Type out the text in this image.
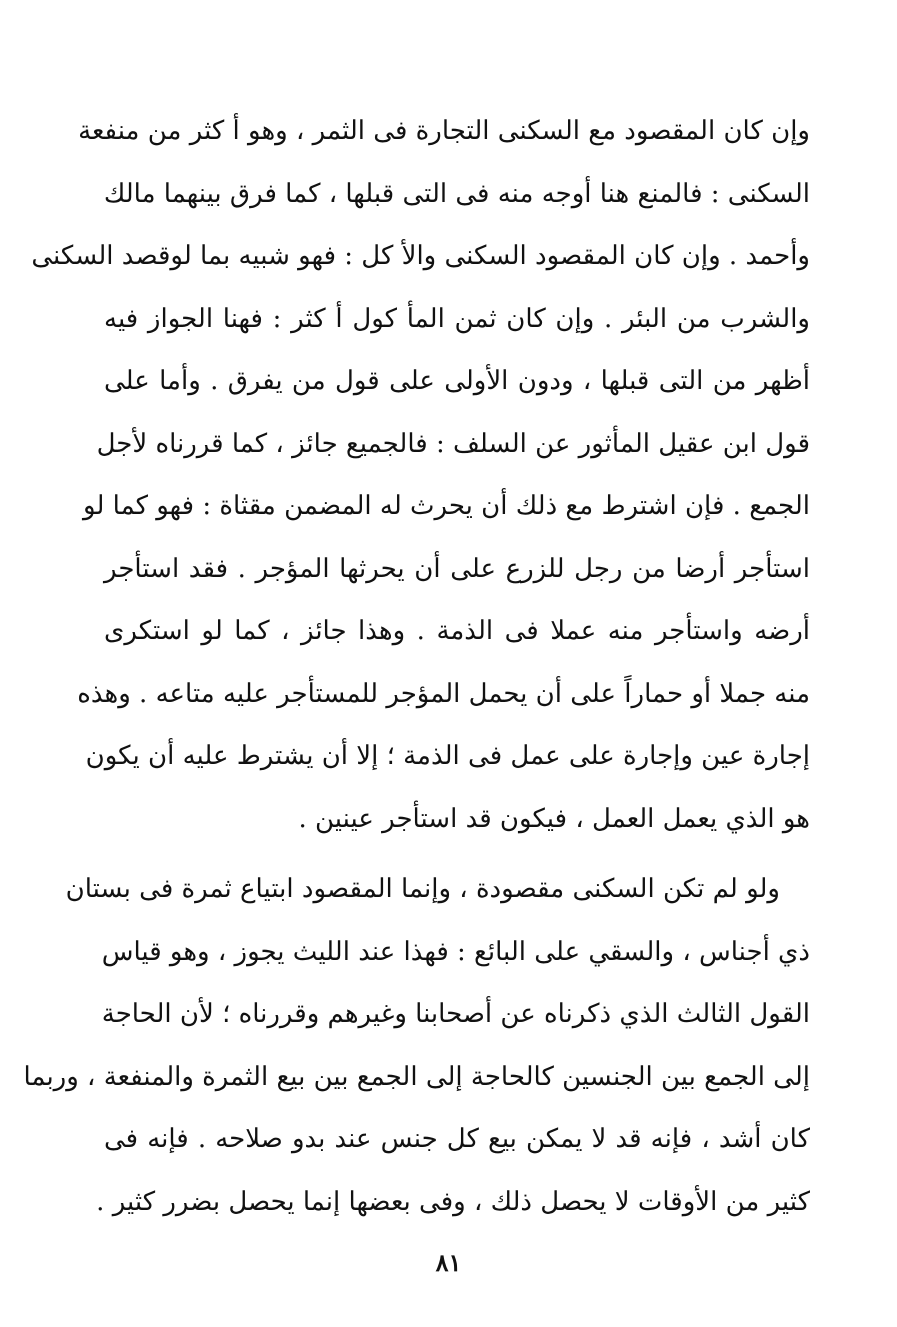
وإن كان المقصود مع السكنى التجارة فى الثمر ، وهو أ كثر من منفعة
السكنى : فالمنع هنا أوجه منه فى التى قبلها ، كما فرق بينهما مالك
وأحمد . وإن كان المقصود السكنى والأ كل : فهو شبيه بما لوقصد السكنى
والشرب من البئر . وإن كان ثمن المأ كول أ كثر : فهنا الجواز فيه
أظهر من التى قبلها ، ودون الأولى على قول من يفرق . وأما على
قول ابن عقيل المأثور عن السلف : فالجميع جائز ، كما قررناه لأجل
الجمع . فإن اشترط مع ذلك أن يحرث له المضمن مقثاة : فهو كما لو
استأجر أرضا من رجل للزرع على أن يحرثها المؤجر . فقد استأجر
أرضه واستأجر منه عملا فى الذمة . وهذا جائز ، كما لو استكرى
منه جملا أو حماراً على أن يحمل المؤجر للمستأجر عليه متاعه . وهذه
إجارة عين وإجارة على عمل فى الذمة ؛ إلا أن يشترط عليه أن يكون
هو الذي يعمل العمل ، فيكون قد استأجر عينين .
ولو لم تكن السكنى مقصودة ، وإنما المقصود ابتياع ثمرة فى بستان
ذي أجناس ، والسقي على البائع : فهذا عند الليث يجوز ، وهو قياس
القول الثالث الذي ذكرناه عن أصحابنا وغيرهم وقررناه ؛ لأن الحاجة
إلى الجمع بين الجنسين كالحاجة إلى الجمع بين بيع الثمرة والمنفعة ، وربما
كان أشد ، فإنه قد لا يمكن بيع كل جنس عند بدو صلاحه . فإنه فى
كثير من الأوقات لا يحصل ذلك ، وفى بعضها إنما يحصل بضرر كثير .
٨١
